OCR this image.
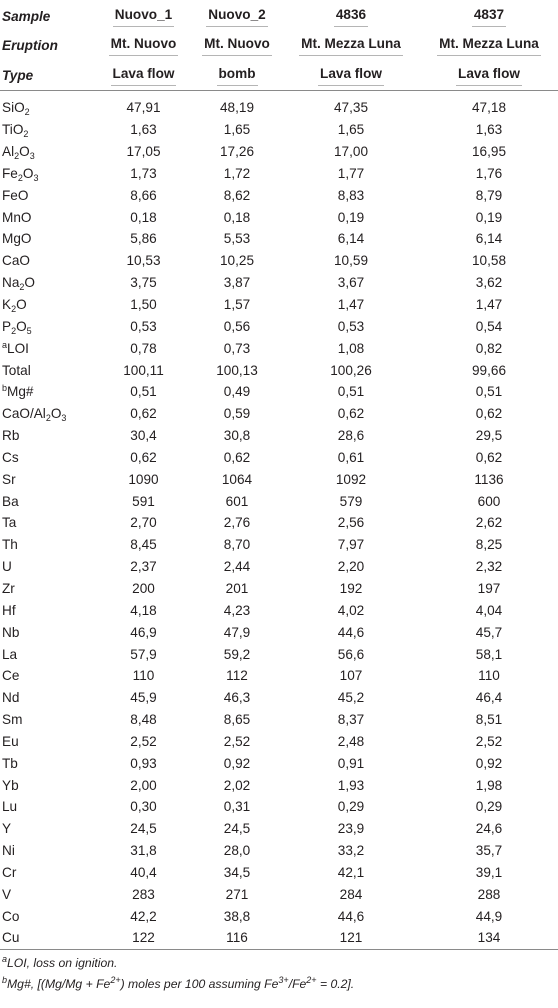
Sample	Nuovo_1	Nuovo_2	4836	4837
Eruption	Mt. Nuovo	Mt. Nuovo	Mt. Mezza Luna	Mt. Mezza Luna
Type	Lava flow	bomb	Lava flow	Lava flow

SiO$_2$	47,91	48,19	47,35	47,18
TiO$_2$	1,63	1,65	1,65	1,63
$Al_2O_3$	17,05	17,26	17,00	16,95
$Fe_2O_3$	1,73	1,72	1,77	1,76
FeO	8,66	8,62	8,83	8,79
MnO	0,18	0,18	0,19	0,19
MgO	5,86	5,53	6,14	6,14
CaO	10,53	10,25	10,59	10,58
$Na_2O$	3,75	3,87	3,67	3,62
$K_2O$	1,50	1,57	1,47	1,47
$P_2O_5$	0,53	0,56	0,53	0,54
$^a$LOI	0,78	0,73	1,08	0,82
Total	100,11	100,13	100,26	99,66
$^b$Mg#	0,51	0,49	0,51	0,51
CaO/$Al_2O_3$	0,62	0,59	0,62	0,62
Rb	30,4	30,8	28,6	29,5
Cs	0,62	0,62	0,61	0,62
Sr	1090	1064	1092	1136
Ba	591	601	579	600
Ta	2,70	2,76	2,56	2,62
Th	8,45	8,70	7,97	8,25
U	2,37	2,44	2,20	2,32
Zr	200	201	192	197
Hf	4,18	4,23	4,02	4,04
Nb	46,9	47,9	44,6	45,7
La	57,9	59,2	56,6	58,1
Ce	110	112	107	110
Nd	45,9	46,3	45,2	46,4
Sm	8,48	8,65	8,37	8,51
Eu	2,52	2,52	2,48	2,52
Tb	0,93	0,92	0,91	0,92
Yb	2,00	2,02	1,93	1,98
Lu	0,30	0,31	0,29	0,29
Y	24,5	24,5	23,9	24,6
Ni	31,8	28,0	33,2	35,7
Cr	40,4	34,5	42,1	39,1
V	283	271	284	288
Co	42,2	38,8	44,6	44,9
Cu	122	116	121	134
$^a$LOI, loss on ignition.
$^b$Mg#, [$(Mg/Mg + Fe^{2+})$ moles per 100 assuming $Fe^{3+}/Fe^{2+} = 0.2$].
